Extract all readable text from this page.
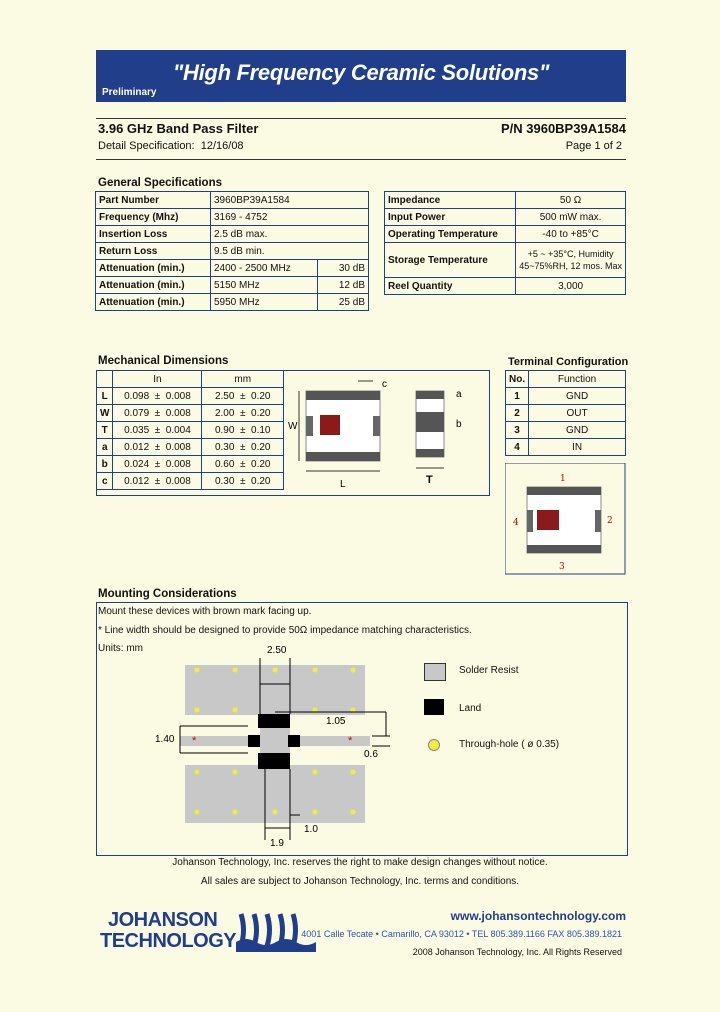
"High Frequency Ceramic Solutions"
Preliminary
3.96 GHz Band Pass Filter	P/N 3960BP39A1584
Detail Specification: 12/16/08	Page 1 of 2
General Specifications
Part Number	3960BP39A1584	
Frequency (Mhz)	3169 - 4752	
Insertion Loss	2.5 dB max.	
Return Loss	9.5 dB min.	
Attenuation (min.)	2400 - 2500 MHz	30 dB
Attenuation (min.)	5150 MHz	12 dB
Attenuation (min.)	5950 MHz	25 dB
Impedance	50 Ω
Input Power	500 mW max.
Operating Temperature	-40 to +85°C
Storage Temperature	+5 ~ +35°C, Humidity
45~75%RH, 12 mos. Max
Reel Quantity	3,000
Mechanical Dimensions
	In	mm
L	0.098 ± 0.008	2.50 ± 0.20
W	0.079 ± 0.008	2.00 ± 0.20
T	0.035 ± 0.004	0.90 ± 0.10
a	0.012 ± 0.008	0.30 ± 0.20
b	0.024 ± 0.008	0.60 ± 0.20
c	0.012 ± 0.008	0.30 ± 0.20
W
L
c
a
b
T
Terminal Configuration
No.	Function
1	GND
2	OUT
3	GND
4	IN
1
2
3
4
Mounting Considerations
Mount these devices with brown mark facing up.
* Line width should be designed to provide 50Ω impedance matching characteristics.
Units: mm	2.50
1.05
1.40
0.6
*	*
1.9
1.0
Solder Resist
Land
Through-hole ( ø 0.35)
Johanson Technology, Inc. reserves the right to make design changes without notice.
All sales are subject to Johanson Technology, Inc. terms and conditions.
JOHANSON
TECHNOLOGY
www.johansontechnology.com
4001 Calle Tecate • Camarillo, CA 93012 • TEL 805.389.1166 FAX 805.389.1821
2008 Johanson Technology, Inc. All Rights Reserved
